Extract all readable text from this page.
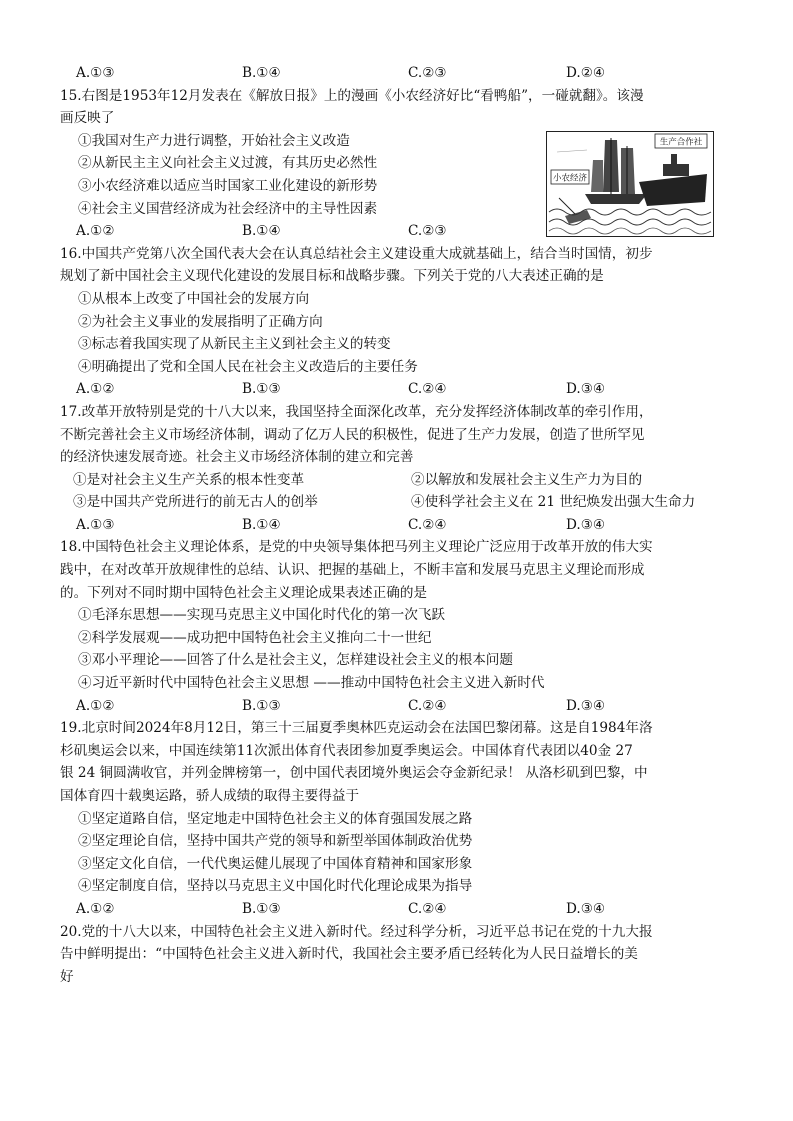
A.①③	B.①④	C.②③	D.②④
15.右图是1953年12月发表在《解放日报》上的漫画《小农经济好比“看鸭船”，一碰就翻》。该漫
画反映了
①我国对生产力进行调整，开始社会主义改造
②从新民主主义向社会主义过渡，有其历史必然性
③小农经济难以适应当时国家工业化建设的新形势
④社会主义国营经济成为社会经济中的主导性因素
A.①②	B.①④	C.②③
生产合作社
小农经济
16.中国共产党第八次全国代表大会在认真总结社会主义建设重大成就基础上，结合当时国情，初步
规划了新中国社会主义现代化建设的发展目标和战略步骤。下列关于党的八大表述正确的是
①从根本上改变了中国社会的发展方向
②为社会主义事业的发展指明了正确方向
③标志着我国实现了从新民主主义到社会主义的转变
④明确提出了党和全国人民在社会主义改造后的主要任务
A.①②	B.①③	C.②④	D.③④
17.改革开放特别是党的十八大以来，我国坚持全面深化改革，充分发挥经济体制改革的牵引作用，
不断完善社会主义市场经济体制，调动了亿万人民的积极性，促进了生产力发展，创造了世所罕见
的经济快速发展奇迹。社会主义市场经济体制的建立和完善
①是对社会主义生产关系的根本性变革	②以解放和发展社会主义生产力为目的
③是中国共产党所进行的前无古人的创举	④使科学社会主义在 21 世纪焕发出强大生命力
A.①③	B.①④	C.②④	D.③④
18.中国特色社会主义理论体系，是党的中央领导集体把马列主义理论广泛应用于改革开放的伟大实
践中，在对改革开放规律性的总结、认识、把握的基础上，不断丰富和发展马克思主义理论而形成
的。下列对不同时期中国特色社会主义理论成果表述正确的是
①毛泽东思想——实现马克思主义中国化时代化的第一次飞跃
②科学发展观——成功把中国特色社会主义推向二十一世纪
③邓小平理论——回答了什么是社会主义，怎样建设社会主义的根本问题
④习近平新时代中国特色社会主义思想 ——推动中国特色社会主义进入新时代
A.①②	B.①③	C.②④	D.③④
19.北京时间2024年8月12日，第三十三届夏季奥林匹克运动会在法国巴黎闭幕。这是自1984年洛
杉矶奥运会以来，中国连续第11次派出体育代表团参加夏季奥运会。中国体育代表团以40金 27
银 24 铜圆满收官，并列金牌榜第一，创中国代表团境外奥运会夺金新纪录！ 从洛杉矶到巴黎，中
国体育四十载奥运路，骄人成绩的取得主要得益于
①坚定道路自信，坚定地走中国特色社会主义的体育强国发展之路
②坚定理论自信，坚持中国共产党的领导和新型举国体制政治优势
③坚定文化自信，一代代奥运健儿展现了中国体育精神和国家形象
④坚定制度自信，坚持以马克思主义中国化时代化理论成果为指导
A.①②	B.①③	C.②④	D.③④
20.党的十八大以来，中国特色社会主义进入新时代。经过科学分析，习近平总书记在党的十九大报
告中鲜明提出：“中国特色社会主义进入新时代，我国社会主要矛盾已经转化为人民日益增长的美
好
